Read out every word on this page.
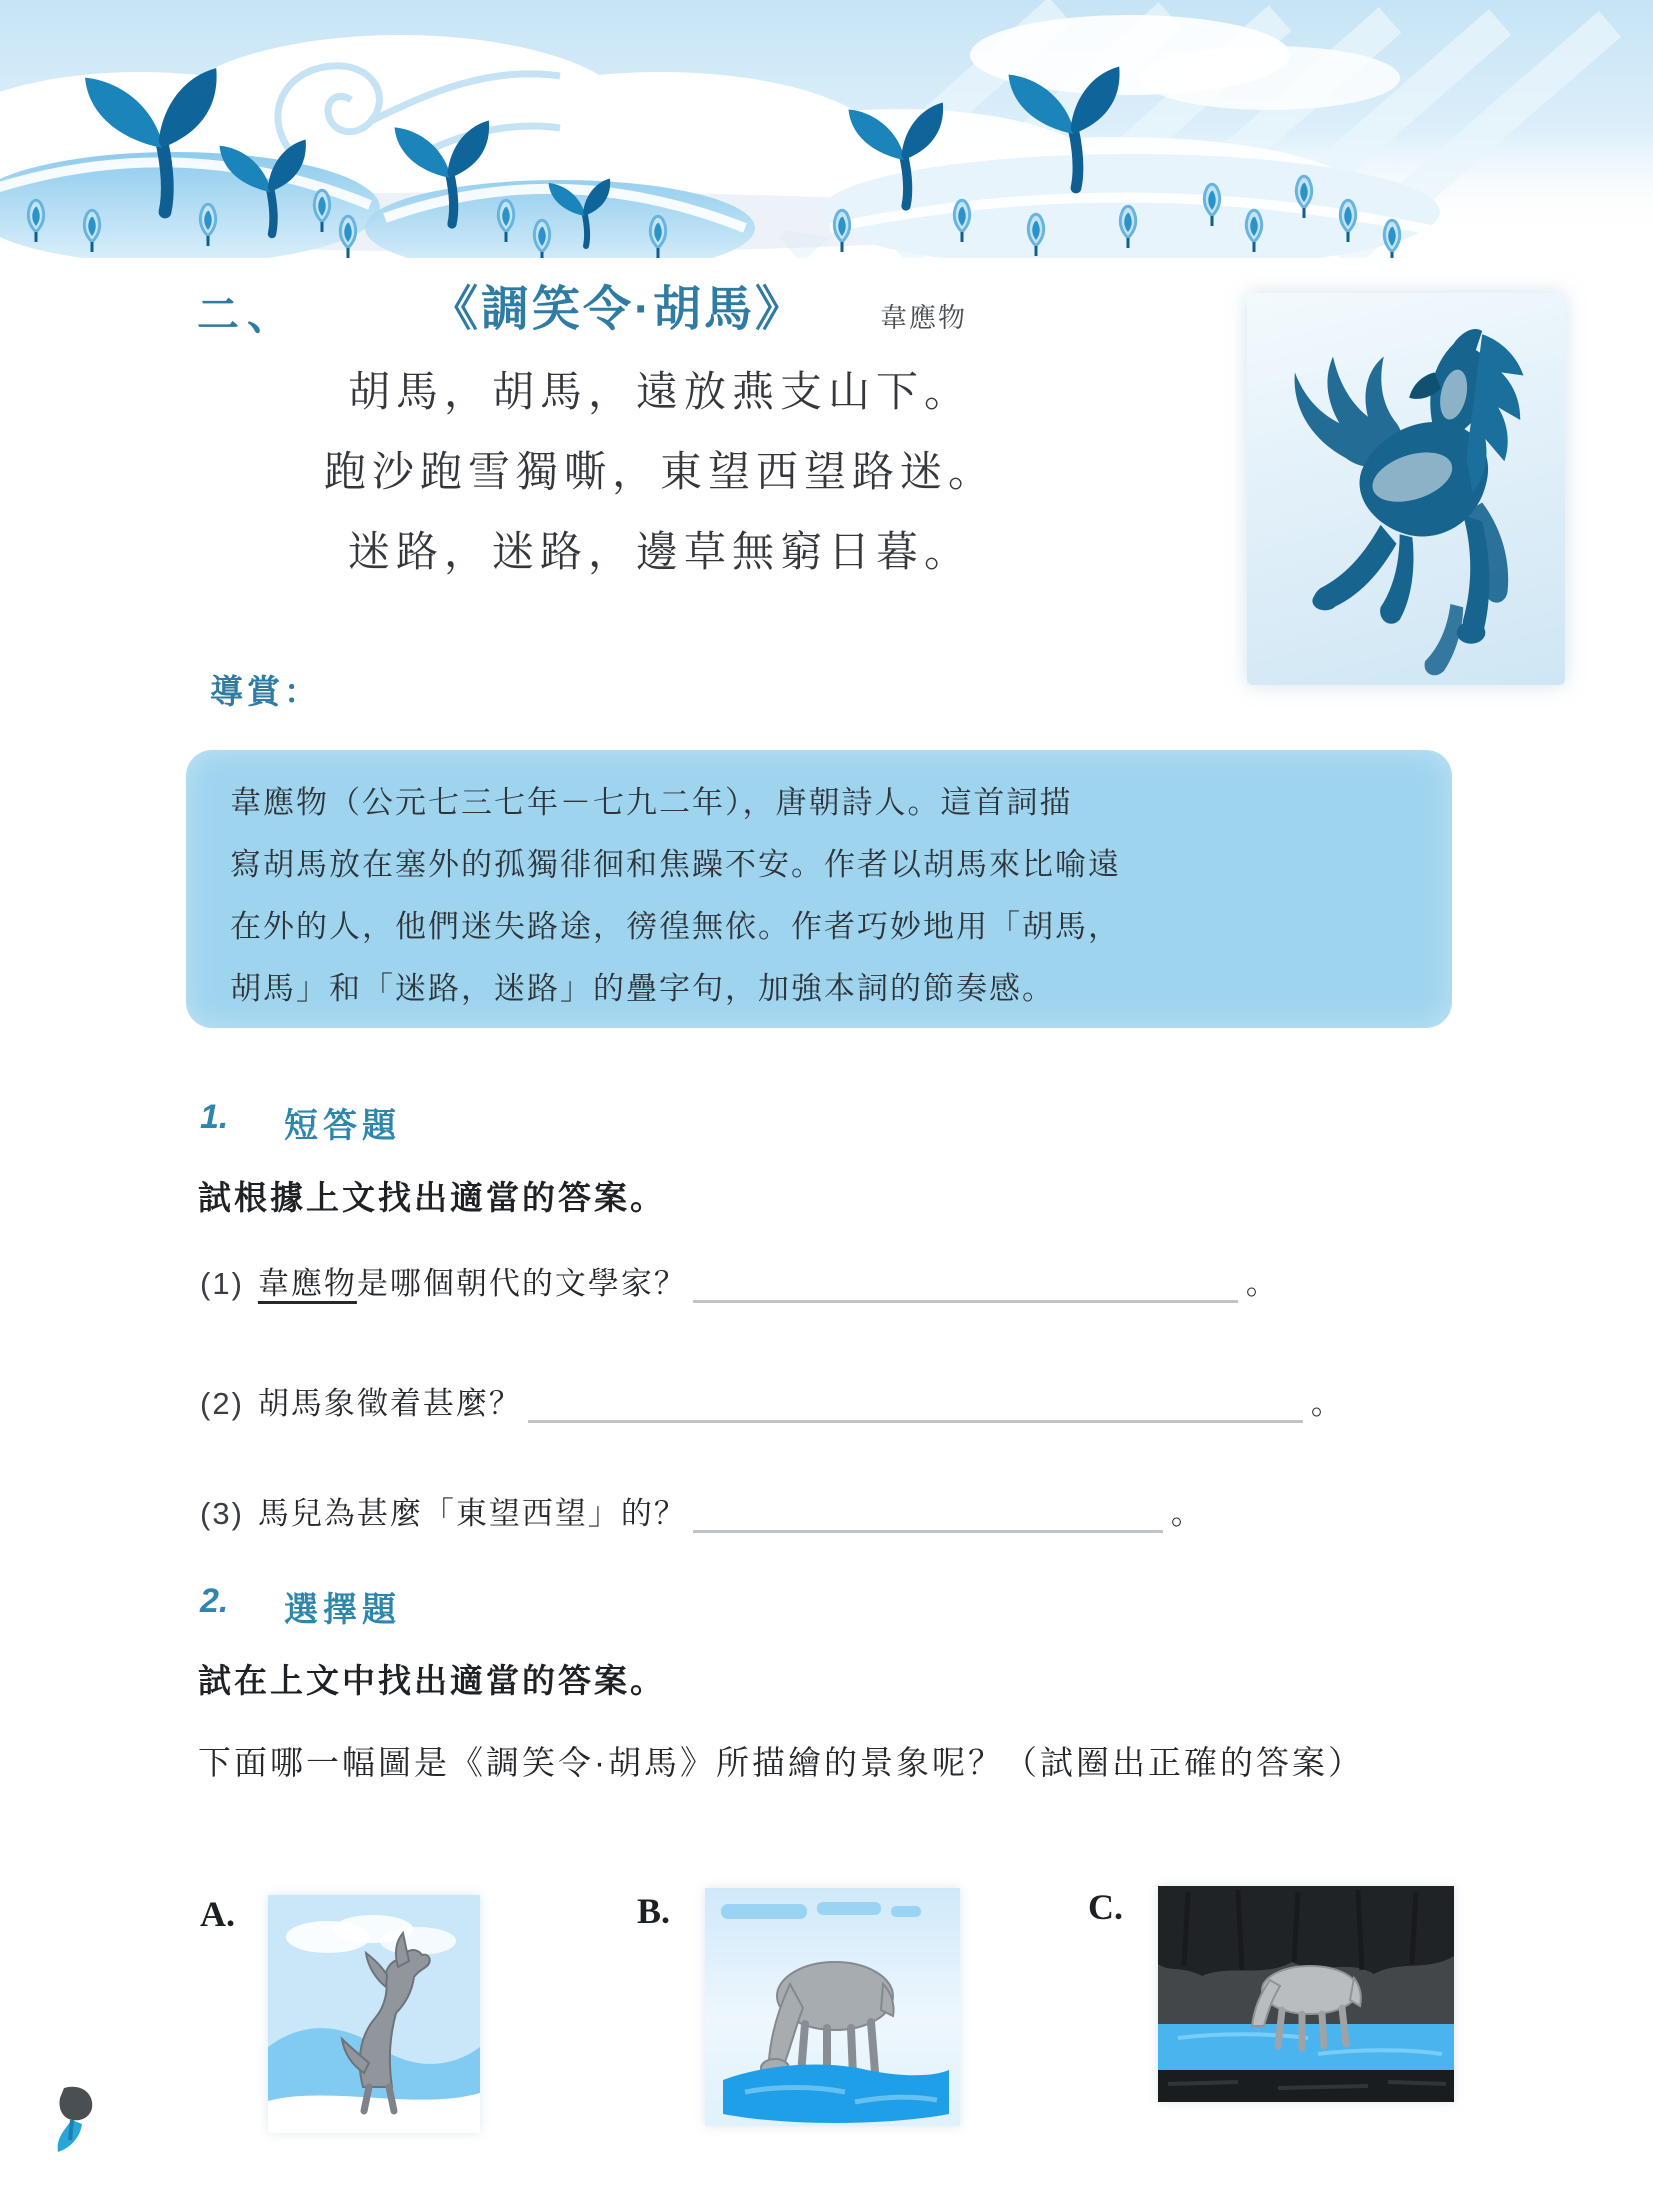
二、	《調笑令·胡馬》	韋應物
胡馬，胡馬，遠放燕支山下。
跑沙跑雪獨嘶，東望西望路迷。
迷路，迷路，邊草無窮日暮。
導賞：
韋應物（公元七三七年－七九二年），唐朝詩人。這首詞描
寫胡馬放在塞外的孤獨徘徊和焦躁不安。作者以胡馬來比喻遠
在外的人，他們迷失路途，徬徨無依。作者巧妙地用「胡馬，
胡馬」和「迷路，迷路」的疊字句，加強本詞的節奏感。
1. 短答題
試根據上文找出適當的答案。
(1) 韋應物是哪個朝代的文學家？	。
(2) 胡馬象徵着甚麼？	。
(3) 馬兒為甚麼「東望西望」的？	。
2. 選擇題
試在上文中找出適當的答案。
下面哪一幅圖是《調笑令·胡馬》所描繪的景象呢？（試圈出正確的答案）
A.	B.	C.
